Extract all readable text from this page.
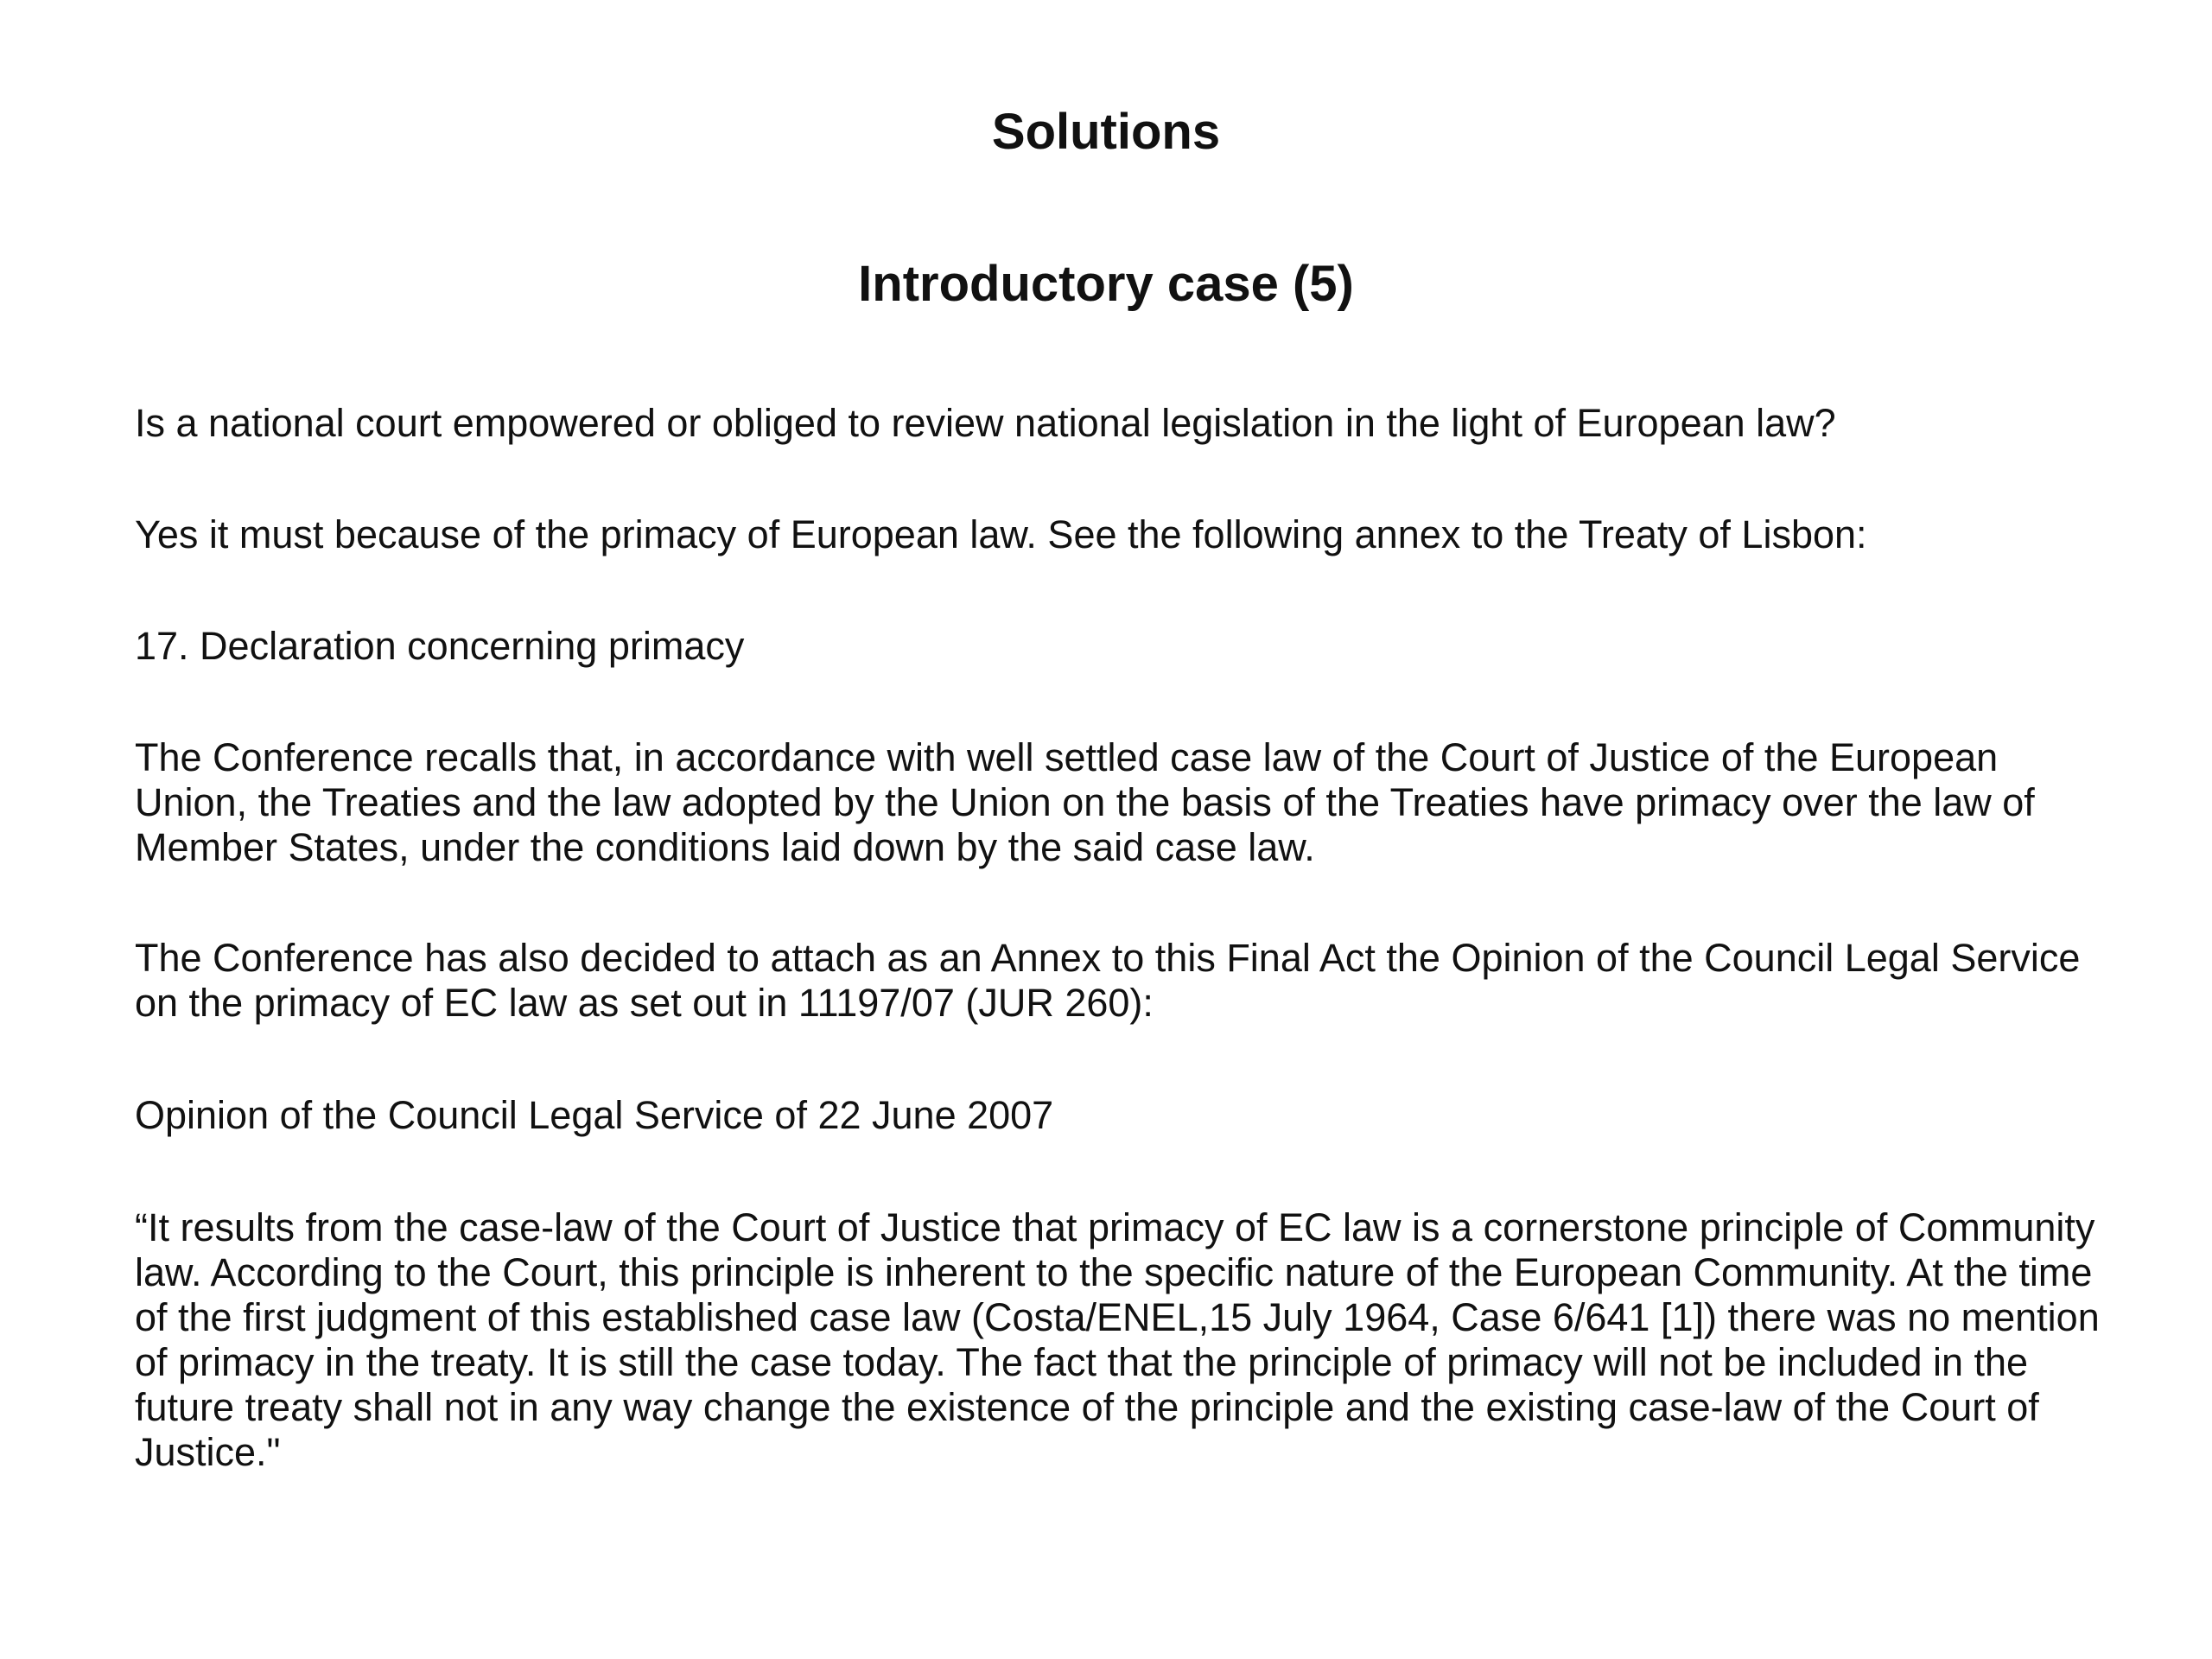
Solutions
Introductory case (5)

Is a national court empowered or obliged to review national legislation in the light of European law?

Yes it must because of the primacy of European law. See the following annex to the Treaty of Lisbon:

17. Declaration concerning primacy

The Conference recalls that, in accordance with well settled case law of the Court of Justice of the European Union, the Treaties and the law adopted by the Union on the basis of the Treaties have primacy over the law of Member States, under the conditions laid down by the said case law.

The Conference has also decided to attach as an Annex to this Final Act the Opinion of the Council Legal Service on the primacy of EC law as set out in 11197/07 (JUR 260):

Opinion of the Council Legal Service of 22 June 2007

“It results from the case-law of the Court of Justice that primacy of EC law is a cornerstone principle of Community law. According to the Court, this principle is inherent to the specific nature of the European Community. At the time of the first judgment of this established case law (Costa/ENEL,15 July 1964, Case 6/641 [1]) there was no mention of primacy in the treaty. It is still the case today. The fact that the principle of primacy will not be included in the future treaty shall not in any way change the existence of the principle and the existing case-law of the Court of Justice."
